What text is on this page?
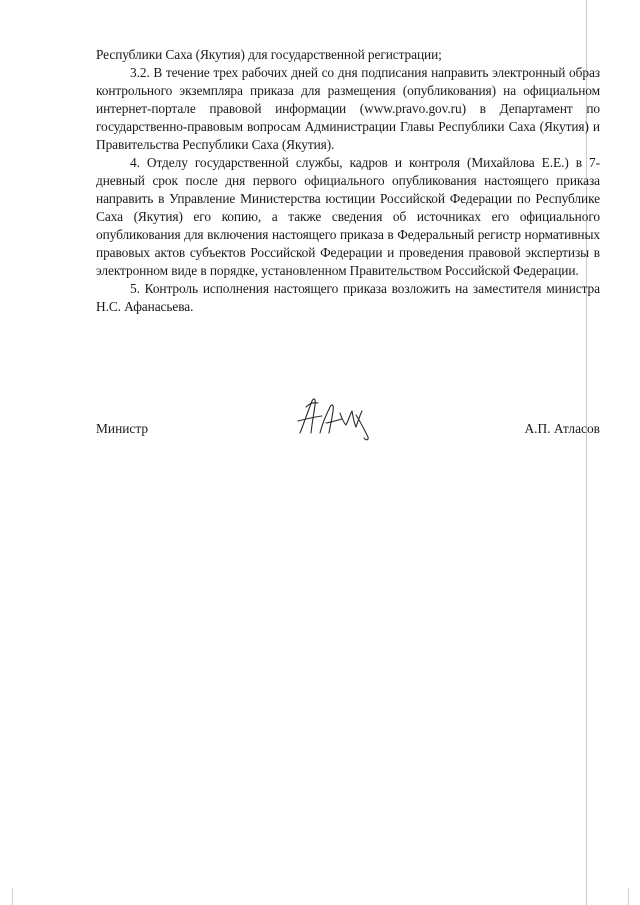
Республики Саха (Якутия) для государственной регистрации;

3.2. В течение трех рабочих дней со дня подписания направить электронный образ контрольного экземпляра приказа для размещения (опубликования) на официальном интернет-портале правовой информации (www.pravo.gov.ru) в Департамент по государственно-правовым вопросам Администрации Главы Республики Саха (Якутия) и Правительства Республики Саха (Якутия).

4. Отделу государственной службы, кадров и контроля (Михайлова Е.Е.) в 7-дневный срок после дня первого официального опубликования настоящего приказа направить в Управление Министерства юстиции Российской Федерации по Республике Саха (Якутия) его копию, а также сведения об источниках его официального опубликования для включения настоящего приказа в Федеральный регистр нормативных правовых актов субъектов Российской Федерации и проведения правовой экспертизы в электронном виде в порядке, установленном Правительством Российской Федерации.

5. Контроль исполнения настоящего приказа возложить на заместителя министра Н.С. Афанасьева.

Министр	А.П. Атласов
